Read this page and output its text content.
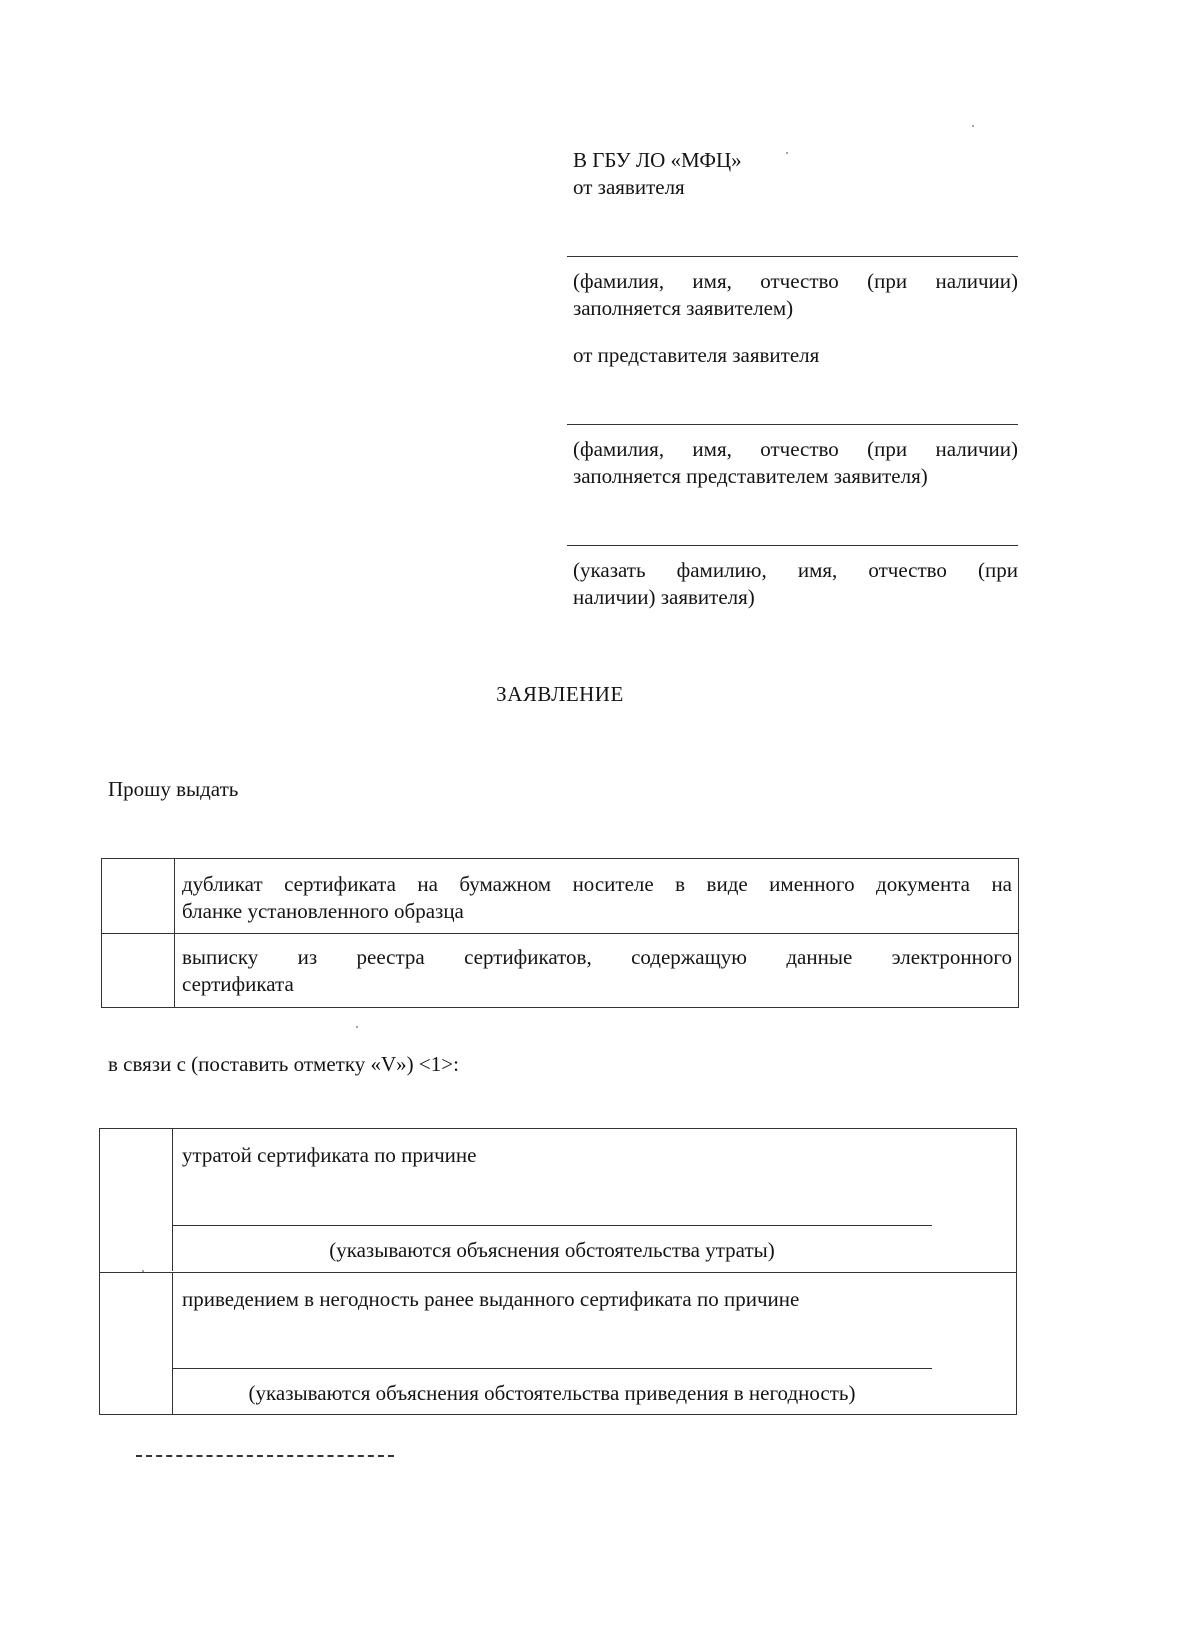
В ГБУ ЛО «МФЦ»
от заявителя
(фамилия, имя, отчество (при наличии)
заполняется заявителем)
от представителя заявителя
(фамилия, имя, отчество (при наличии)
заполняется представителем заявителя)
(указать фамилию, имя, отчество (при
наличии) заявителя)
ЗАЯВЛЕНИЕ
Прошу выдать
дубликат сертификата на бумажном носителе в виде именного документа на
бланке установленного образца
выписку из реестра сертификатов, содержащую данные электронного
сертификата
в связи с (поставить отметку «V») <1>:
утратой сертификата по причине
(указываются объяснения обстоятельства утраты)
приведением в негодность ранее выданного сертификата по причине
(указываются объяснения обстоятельства приведения в негодность)
